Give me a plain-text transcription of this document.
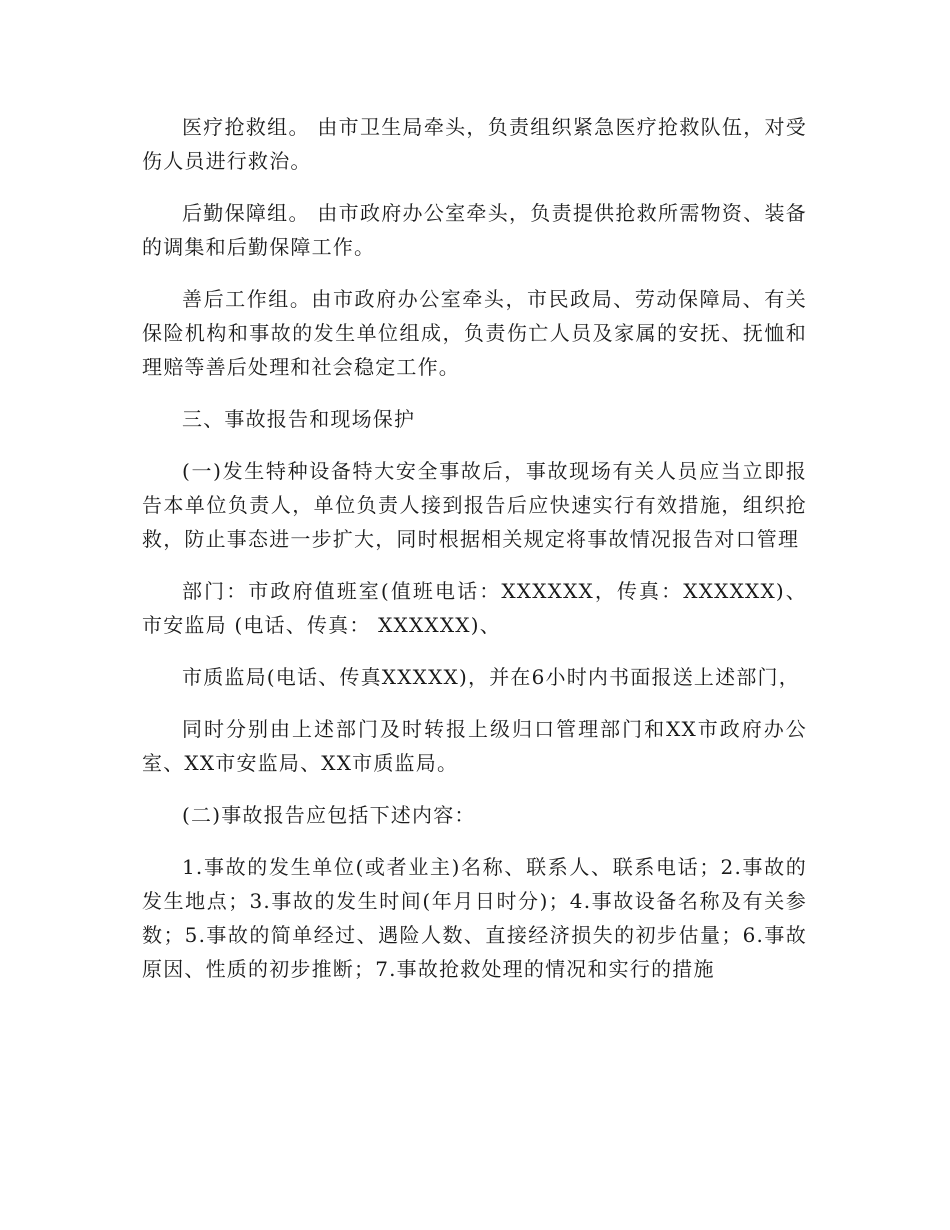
医疗抢救组。 由市卫生局牵头，负责组织紧急医疗抢救队伍，对受伤人员进行救治。

后勤保障组。 由市政府办公室牵头，负责提供抢救所需物资、装备的调集和后勤保障工作。

善后工作组。由市政府办公室牵头，市民政局、劳动保障局、有关保险机构和事故的发生单位组成，负责伤亡人员及家属的安抚、抚恤和理赔等善后处理和社会稳定工作。

三、事故报告和现场保护

(一)发生特种设备特大安全事故后，事故现场有关人员应当立即报告本单位负责人，单位负责人接到报告后应快速实行有效措施，组织抢救，防止事态进一步扩大，同时根据相关规定将事故情况报告对口管理

部门：市政府值班室(值班电话：XXXXXX，传真：XXXXXX)、市安监局 (电话、传真： XXXXXX)、

市质监局(电话、传真XXXXX)，并在6小时内书面报送上述部门，

同时分别由上述部门及时转报上级归口管理部门和XX市政府办公室、XX市安监局、XX市质监局。

(二)事故报告应包括下述内容：

1.事故的发生单位(或者业主)名称、联系人、联系电话；2.事故的发生地点；3.事故的发生时间(年月日时分)；4.事故设备名称及有关参数；5.事故的简单经过、遇险人数、直接经济损失的初步估量；6.事故原因、性质的初步推断；7.事故抢救处理的情况和实行的措施
